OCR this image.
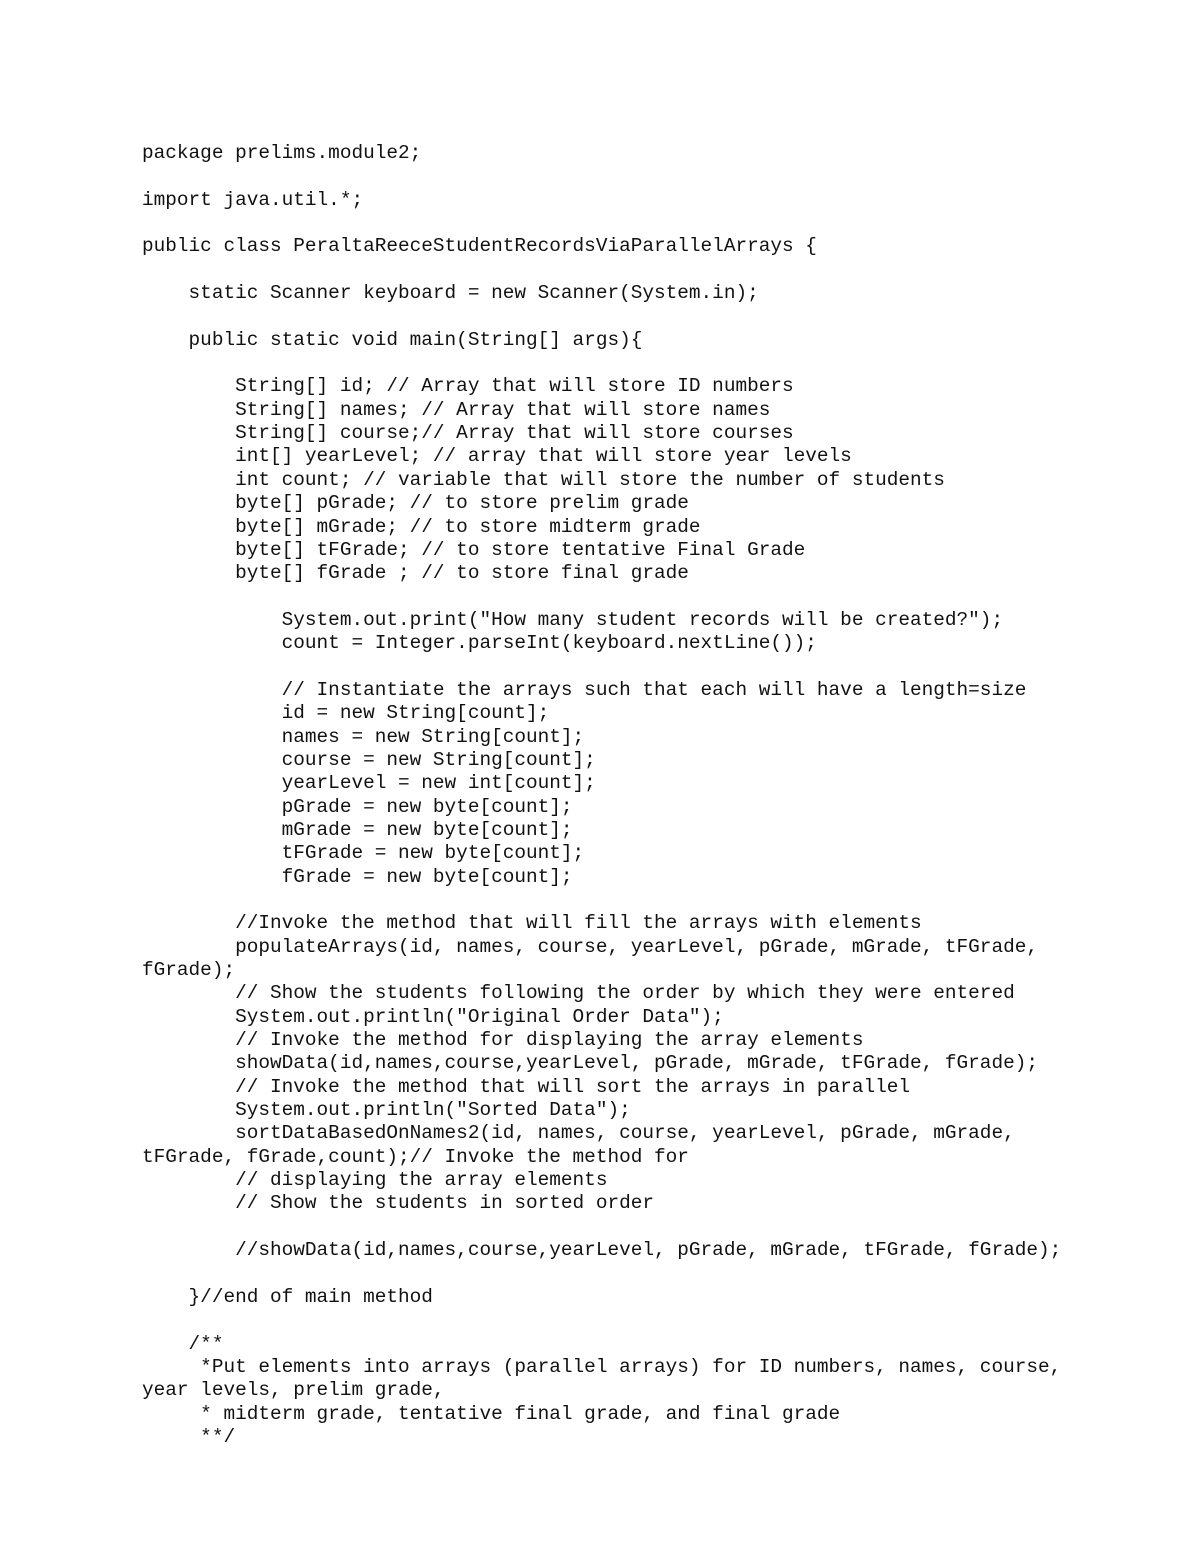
package prelims.module2;
import java.util.*;
public class PeraltaReeceStudentRecordsViaParallelArrays {
static Scanner keyboard = new Scanner(System.in);
public static void main(String[] args){
String[] id; // Array that will store ID numbers
String[] names; // Array that will store names
String[] course;// Array that will store courses
int[] yearLevel; // array that will store year levels
int count; // variable that will store the number of students
byte[] pGrade; // to store prelim grade
byte[] mGrade; // to store midterm grade
byte[] tFGrade; // to store tentative Final Grade
byte[] fGrade ; // to store final grade
System.out.print("How many student records will be created?");
count = Integer.parseInt(keyboard.nextLine());
// Instantiate the arrays such that each will have a length=size
id = new String[count];
names = new String[count];
course = new String[count];
yearLevel = new int[count];
pGrade = new byte[count];
mGrade = new byte[count];
tFGrade = new byte[count];
fGrade = new byte[count];
//Invoke the method that will fill the arrays with elements
populateArrays(id, names, course, yearLevel, pGrade, mGrade, tFGrade,
fGrade);
// Show the students following the order by which they were entered
System.out.println("Original Order Data");
// Invoke the method for displaying the array elements
showData(id,names,course,yearLevel, pGrade, mGrade, tFGrade, fGrade);
// Invoke the method that will sort the arrays in parallel
System.out.println("Sorted Data");
sortDataBasedOnNames2(id, names, course, yearLevel, pGrade, mGrade,
tFGrade, fGrade,count);// Invoke the method for
// displaying the array elements
// Show the students in sorted order
//showData(id,names,course,yearLevel, pGrade, mGrade, tFGrade, fGrade);
}//end of main method
/**
*Put elements into arrays (parallel arrays) for ID numbers, names, course,
year levels, prelim grade,
* midterm grade, tentative final grade, and final grade
**/
